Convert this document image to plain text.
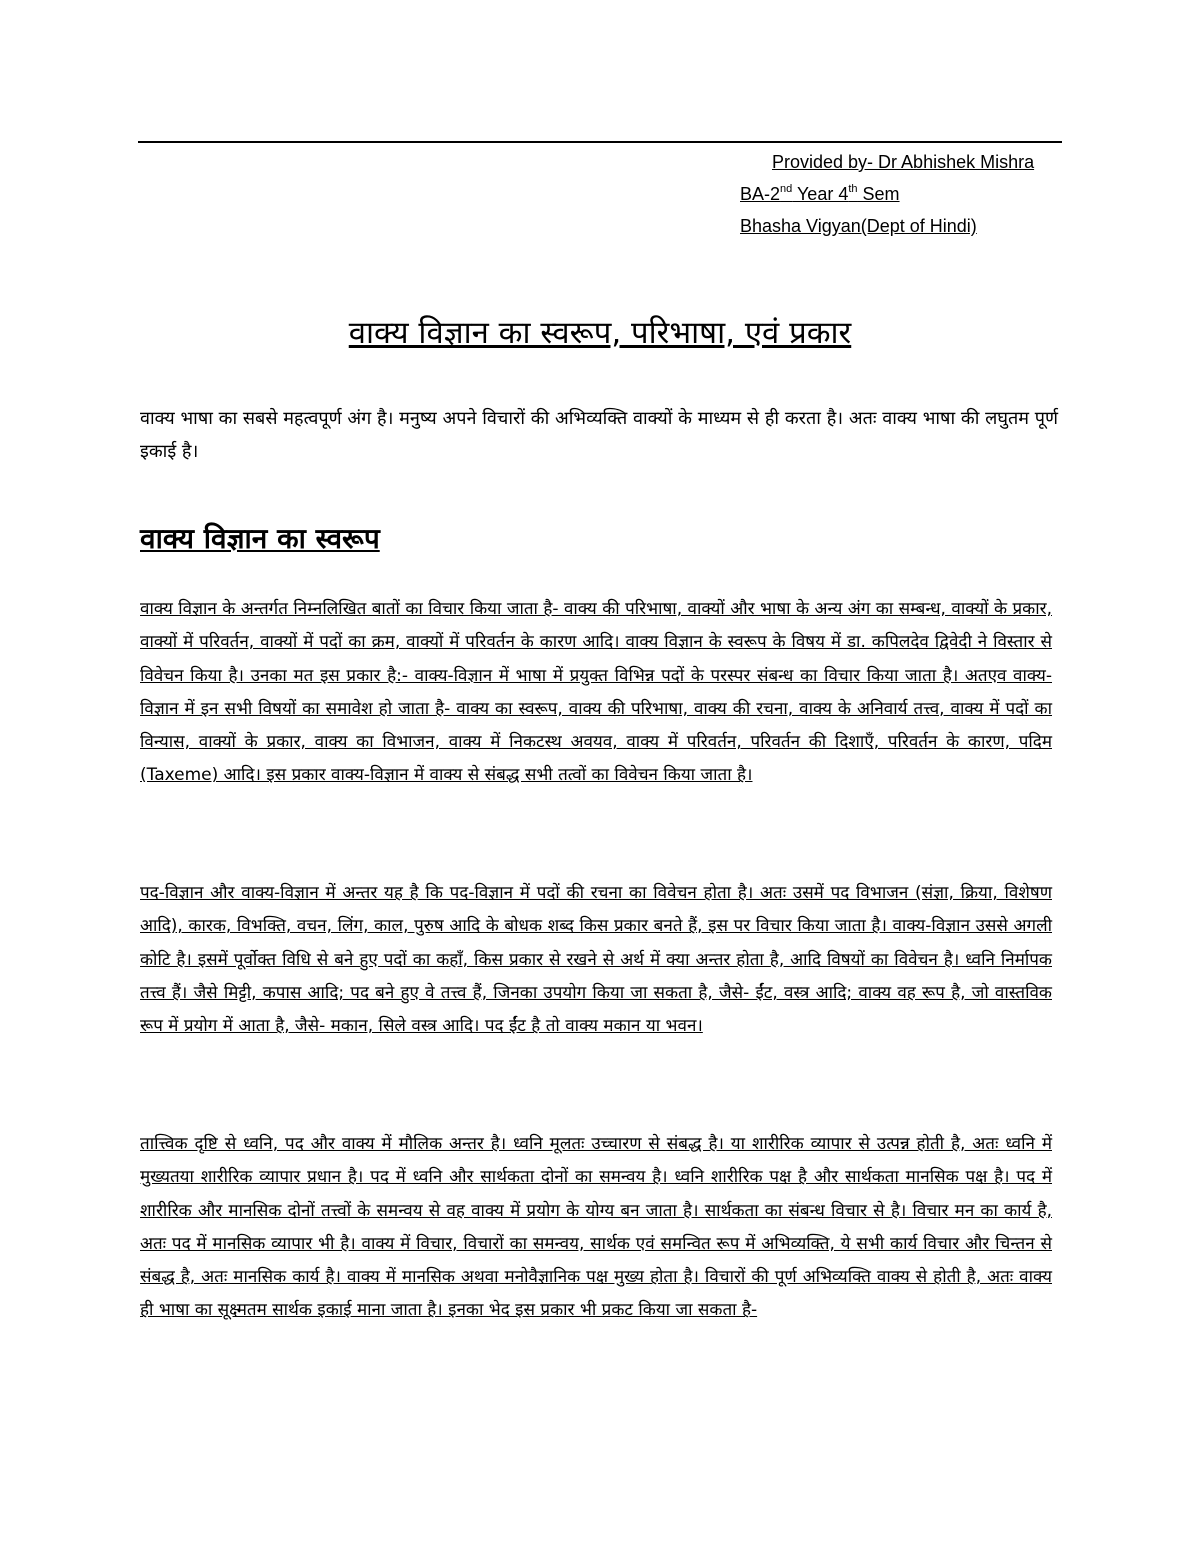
Provided by- Dr Abhishek Mishra
BA-2nd Year 4th Sem
Bhasha Vigyan(Dept of Hindi)
वाक्य विज्ञान का स्वरूप, परिभाषा, एवं प्रकार
वाक्य भाषा का सबसे महत्वपूर्ण अंग है। मनुष्य अपने विचारों की अभिव्यक्ति वाक्यों के माध्यम से ही करता है। अतः वाक्य भाषा की लघुतम पूर्ण इकाई है।
वाक्य विज्ञान का स्वरूप
वाक्य विज्ञान के अन्तर्गत निम्नलिखित बातों का विचार किया जाता है- वाक्य की परिभाषा, वाक्यों और भाषा के अन्य अंग का सम्बन्ध, वाक्यों के प्रकार, वाक्यों में परिवर्तन, वाक्यों में पदों का क्रम, वाक्यों में परिवर्तन के कारण आदि। वाक्य विज्ञान के स्वरूप के विषय में डा. कपिलदेव द्विवेदी ने विस्तार से विवेचन किया है। उनका मत इस प्रकार है:- वाक्य-विज्ञान में भाषा में प्रयुक्त विभिन्न पदों के परस्पर संबन्ध का विचार किया जाता है। अतएव वाक्य-विज्ञान में इन सभी विषयों का समावेश हो जाता है- वाक्य का स्वरूप, वाक्य की परिभाषा, वाक्य की रचना, वाक्य के अनिवार्य तत्त्व, वाक्य में पदों का विन्यास, वाक्यों के प्रकार, वाक्य का विभाजन, वाक्य में निकटस्थ अवयव, वाक्य में परिवर्तन, परिवर्तन की दिशाएँ, परिवर्तन के कारण, पदिम (Taxeme) आदि। इस प्रकार वाक्य-विज्ञान में वाक्य से संबद्ध सभी तत्वों का विवेचन किया जाता है।
पद-विज्ञान और वाक्य-विज्ञान में अन्तर यह है कि पद-विज्ञान में पदों की रचना का विवेचन होता है। अतः उसमें पद विभाजन (संज्ञा, क्रिया, विशेषण आदि), कारक, विभक्ति, वचन, लिंग, काल, पुरुष आदि के बोधक शब्द किस प्रकार बनते हैं, इस पर विचार किया जाता है। वाक्य-विज्ञान उससे अगली कोटि है। इसमें पूर्वोक्त विधि से बने हुए पदों का कहाँ, किस प्रकार से रखने से अर्थ में क्या अन्तर होता है, आदि विषयों का विवेचन है। ध्वनि निर्मापक तत्त्व हैं। जैसे मिट्टी, कपास आदि; पद बने हुए वे तत्त्व हैं, जिनका उपयोग किया जा सकता है, जैसे- ईंट, वस्त्र आदि; वाक्य वह रूप है, जो वास्तविक रूप में प्रयोग में आता है, जैसे- मकान, सिले वस्त्र आदि। पद ईंट है तो वाक्य मकान या भवन।
तात्त्विक दृष्टि से ध्वनि, पद और वाक्य में मौलिक अन्तर है। ध्वनि मूलतः उच्चारण से संबद्ध है। या शारीरिक व्यापार से उत्पन्न होती है, अतः ध्वनि में मुख्यतया शारीरिक व्यापार प्रधान है। पद में ध्वनि और सार्थकता दोनों का समन्वय है। ध्वनि शारीरिक पक्ष है और सार्थकता मानसिक पक्ष है। पद में शारीरिक और मानसिक दोनों तत्त्वों के समन्वय से वह वाक्य में प्रयोग के योग्य बन जाता है। सार्थकता का संबन्ध विचार से है। विचार मन का कार्य है, अतः पद में मानसिक व्यापार भी है। वाक्य में विचार, विचारों का समन्वय, सार्थक एवं समन्वित रूप में अभिव्यक्ति, ये सभी कार्य विचार और चिन्तन से संबद्ध है, अतः मानसिक कार्य है। वाक्य में मानसिक अथवा मनोवैज्ञानिक पक्ष मुख्य होता है। विचारों की पूर्ण अभिव्यक्ति वाक्य से होती है, अतः वाक्य ही भाषा का सूक्ष्मतम सार्थक इकाई माना जाता है। इनका भेद इस प्रकार भी प्रकट किया जा सकता है-
